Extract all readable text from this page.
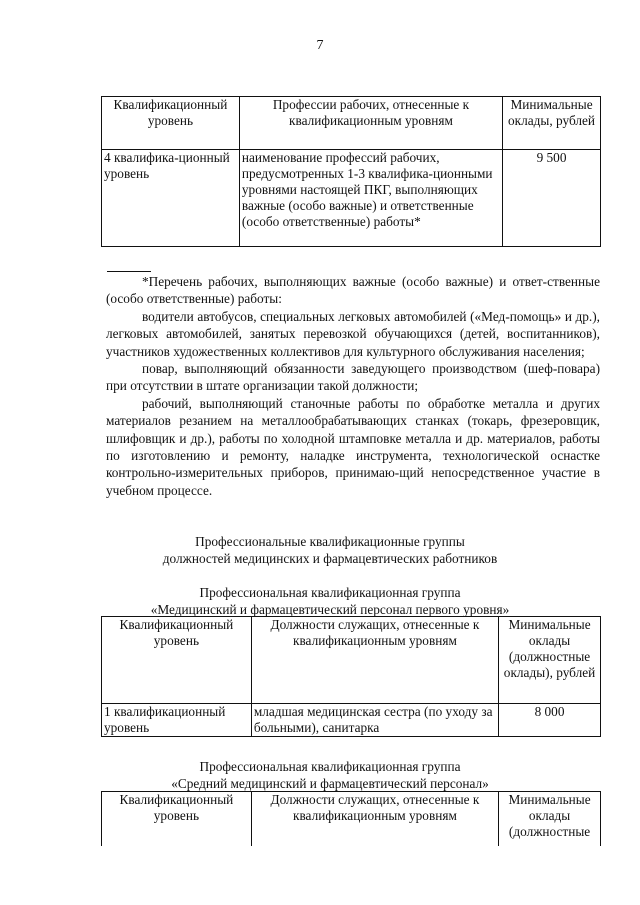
7
Квалификационный уровень	Профессии рабочих, отнесенные к квалификационным уровням	Минимальные оклады, рублей
4 квалифика-ционный уровень	наименование профессий рабочих, предусмотренных 1-3 квалифика-ционными уровнями настоящей ПКГ, выполняющих важные (особо важные) и ответственные (особо ответственные) работы*	9 500

*Перечень рабочих, выполняющих важные (особо важные) и ответ-ственные (особо ответственные) работы:

водители автобусов, специальных легковых автомобилей («Мед-помощь» и др.), легковых автомобилей, занятых перевозкой обучающихся (детей, воспитанников), участников художественных коллективов для культурного обслуживания населения;

повар, выполняющий обязанности заведующего производством (шеф-повара) при отсутствии в штате организации такой должности;

рабочий, выполняющий станочные работы по обработке металла и других материалов резанием на металлообрабатывающих станках (токарь, фрезеровщик, шлифовщик и др.), работы по холодной штамповке металла и др. материалов, работы по изготовлению и ремонту, наладке инструмента, технологической оснастке контрольно-измерительных приборов, принимаю-щий непосредственное участие в учебном процессе.

Профессиональные квалификационные группы
должностей медицинских и фармацевтических работников
Профессиональная квалификационная группа
«Медицинский и фармацевтический персонал первого уровня»
Квалификационный уровень	Должности служащих, отнесенные к квалификационным уровням	Минимальные оклады (должностные оклады), рублей
1 квалификационный уровень	младшая медицинская сестра (по уходу за больными), санитарка	8 000
Профессиональная квалификационная группа
«Средний медицинский и фармацевтический персонал»
Квалификационный уровень	Должности служащих, отнесенные к квалификационным уровням	Минимальные оклады (должностные
